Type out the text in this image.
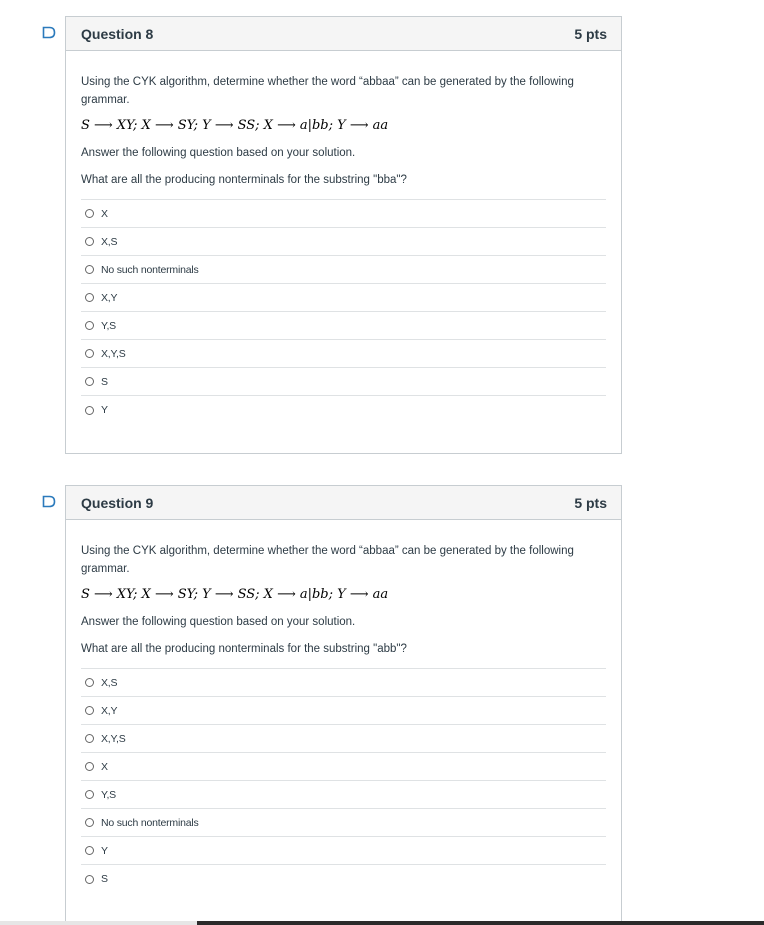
Question 8	5 pts

Using the CYK algorithm, determine whether the word “abbaa” can be generated by the following grammar.

S ⟶ XY; X ⟶ SY; Y ⟶ SS; X ⟶ a|bb; Y ⟶ aa

Answer the following question based on your solution.

What are all the producing nonterminals for the substring "bba"?

X
X,S
No such nonterminals
X,Y
Y,S
X,Y,S
S
Y
Question 9	5 pts

Using the CYK algorithm, determine whether the word “abbaa” can be generated by the following grammar.

S ⟶ XY; X ⟶ SY; Y ⟶ SS; X ⟶ a|bb; Y ⟶ aa

Answer the following question based on your solution.

What are all the producing nonterminals for the substring "abb"?

X,S
X,Y
X,Y,S
X
Y,S
No such nonterminals
Y
S
